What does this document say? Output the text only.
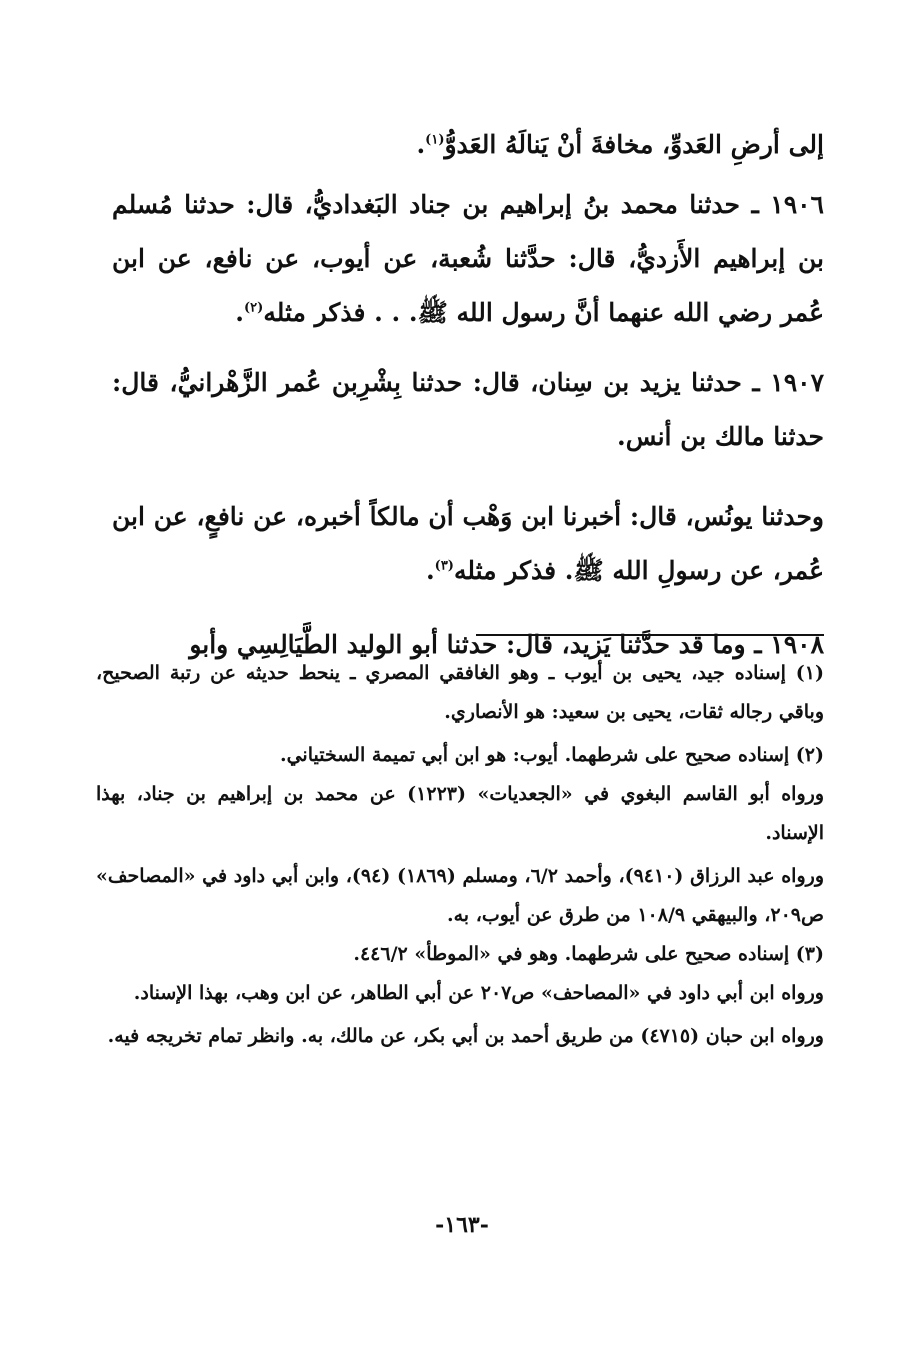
إلى أرضِ العَدوِّ، مخافةَ أنْ يَنالَهُ العَدوُّ$^{(١)}$.

١٩٠٦ ـ حدثنا محمد بنُ إبراهيم بن جناد البَغداديُّ، قال: حدثنا مُسلم بن إبراهيم الأَزديُّ، قال: حدَّثنا شُعبة، عن أيوب، عن نافع، عن ابن عُمر رضي الله عنهما أنَّ رسول الله ﷺ. . . فذكر مثله$^{(٢)}$.

١٩٠٧ ـ حدثنا يزيد بن سِنان، قال: حدثنا بِشْرِبن عُمر الزَّهْرانيُّ، قال: حدثنا مالك بن أنس.

وحدثنا يونُس، قال: أخبرنا ابن وَهْب أن مالكاً أخبره، عن نافعٍ، عن ابن عُمر، عن رسولِ الله ﷺ. فذكر مثله$^{(٣)}$.

١٩٠٨ ـ وما قد حدَّثنا يَزيد، قال: حدثنا أبو الوليد الطَّيَالِسِي وأبو

(١) إسناده جيد، يحيى بن أيوب ـ وهو الغافقي المصري ـ ينحط حديثه عن رتبة الصحيح، وباقي رجاله ثقات، يحيى بن سعيد: هو الأنصاري.

(٢) إسناده صحيح على شرطهما. أيوب: هو ابن أبي تميمة السختياني.

ورواه أبو القاسم البغوي في «الجعديات» (١٢٢٣) عن محمد بن إبراهيم بن جناد، بهذا الإسناد.

ورواه عبد الرزاق (٩٤١٠)، وأحمد ٦/٢، ومسلم (١٨٦٩) (٩٤)، وابن أبي داود في «المصاحف» ص٢٠٩، والبيهقي ١٠٨/٩ من طرق عن أيوب، به.

(٣) إسناده صحيح على شرطهما. وهو في «الموطأ» ٤٤٦/٢.

ورواه ابن أبي داود في «المصاحف» ص٢٠٧ عن أبي الطاهر، عن ابن وهب، بهذا الإسناد.

ورواه ابن حبان (٤٧١٥) من طريق أحمد بن أبي بكر، عن مالك، به. وانظر تمام تخريجه فيه.

-١٦٣-
